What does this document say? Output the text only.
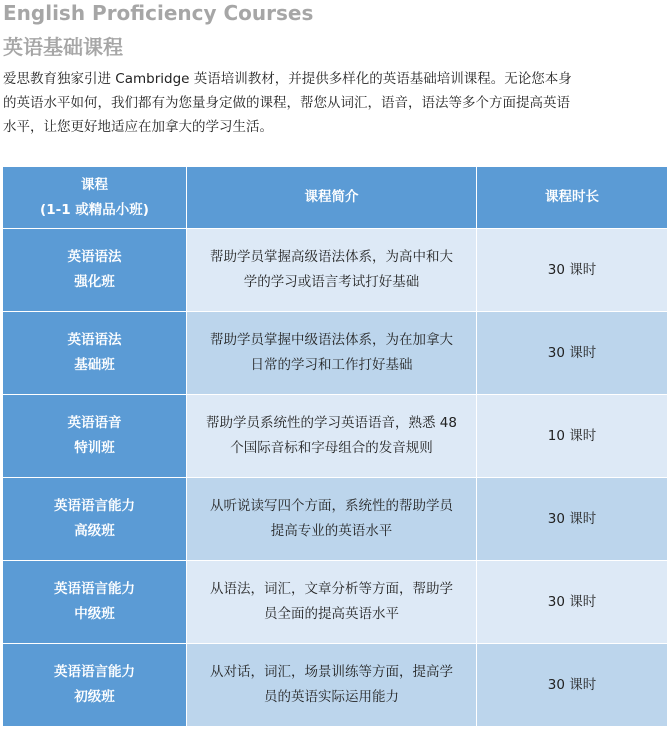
English Proficiency Courses
英语基础课程
爱思教育独家引进 Cambridge 英语培训教材，并提供多样化的英语基础培训课程。无论您本身
的英语水平如何，我们都有为您量身定做的课程，帮您从词汇，语音，语法等多个方面提高英语
水平，让您更好地适应在加拿大的学习生活。
课程
(1-1 或精品小班)	课程简介	课程时长

英语语法
强化班	帮助学员掌握高级语法体系，为高中和大
学的学习或语言考试打好基础	30 课时

英语语法
基础班	帮助学员掌握中级语法体系，为在加拿大
日常的学习和工作打好基础	30 课时

英语语音
特训班	帮助学员系统性的学习英语语音，熟悉 48
个国际音标和字母组合的发音规则	10 课时

英语语言能力
高级班	从听说读写四个方面，系统性的帮助学员
提高专业的英语水平	30 课时

英语语言能力
中级班	从语法，词汇，文章分析等方面，帮助学
员全面的提高英语水平	30 课时

英语语言能力
初级班	从对话，词汇，场景训练等方面，提高学
员的英语实际运用能力	30 课时
